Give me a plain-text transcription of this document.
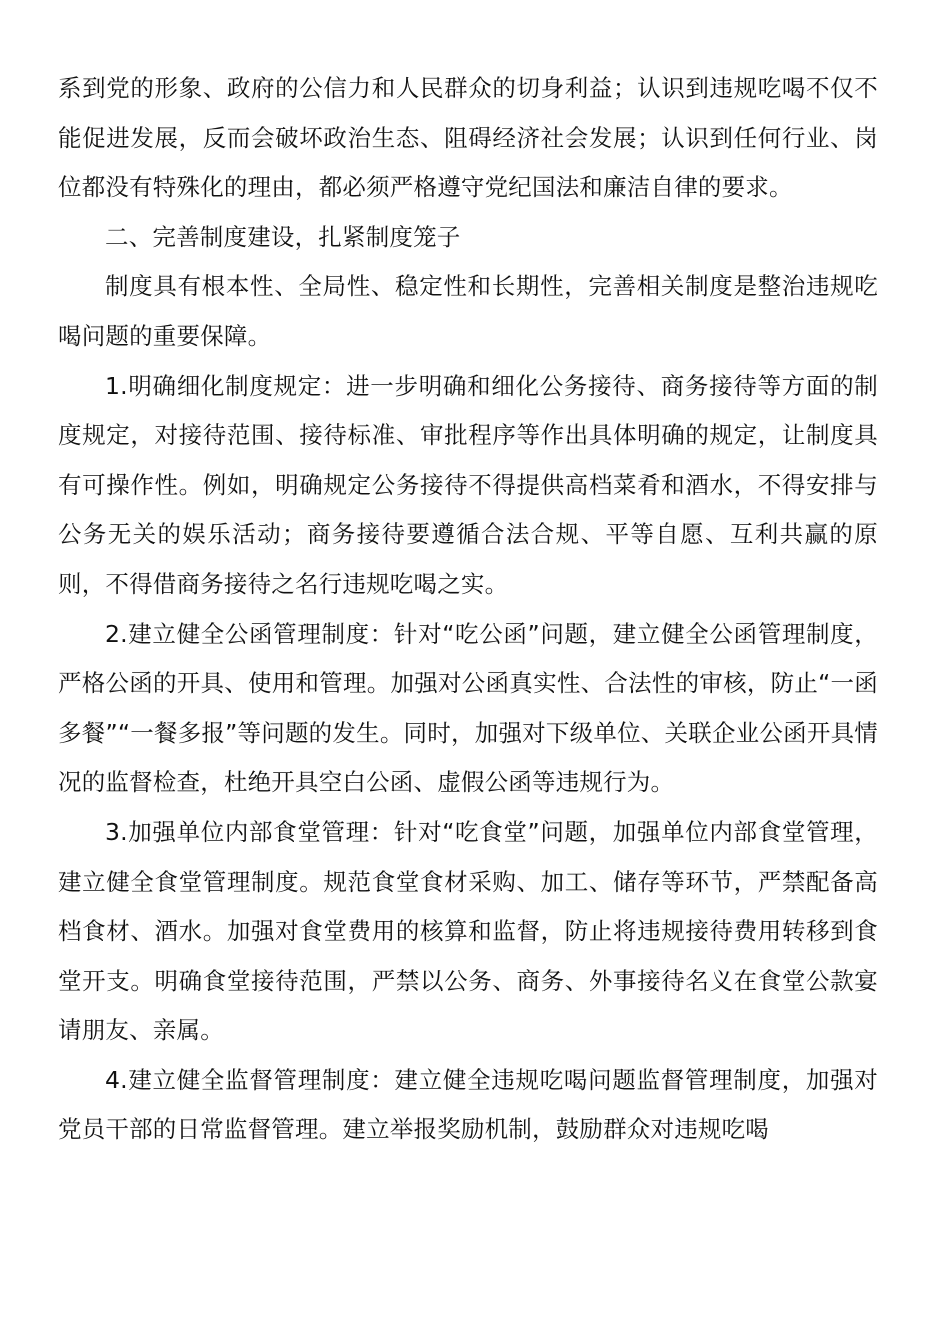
系到党的形象、政府的公信力和人民群众的切身利益；认识到违规吃喝不仅不能促进发展，反而会破坏政治生态、阻碍经济社会发展；认识到任何行业、岗位都没有特殊化的理由，都必须严格遵守党纪国法和廉洁自律的要求。

二、完善制度建设，扎紧制度笼子

制度具有根本性、全局性、稳定性和长期性，完善相关制度是整治违规吃喝问题的重要保障。

1.明确细化制度规定：进一步明确和细化公务接待、商务接待等方面的制度规定，对接待范围、接待标准、审批程序等作出具体明确的规定，让制度具有可操作性。例如，明确规定公务接待不得提供高档菜肴和酒水，不得安排与公务无关的娱乐活动；商务接待要遵循合法合规、平等自愿、互利共赢的原则，不得借商务接待之名行违规吃喝之实。

2.建立健全公函管理制度：针对“吃公函”问题，建立健全公函管理制度，严格公函的开具、使用和管理。加强对公函真实性、合法性的审核，防止“一函多餐”“一餐多报”等问题的发生。同时，加强对下级单位、关联企业公函开具情况的监督检查，杜绝开具空白公函、虚假公函等违规行为。

3.加强单位内部食堂管理：针对“吃食堂”问题，加强单位内部食堂管理，建立健全食堂管理制度。规范食堂食材采购、加工、储存等环节，严禁配备高档食材、酒水。加强对食堂费用的核算和监督，防止将违规接待费用转移到食堂开支。明确食堂接待范围，严禁以公务、商务、外事接待名义在食堂公款宴请朋友、亲属。

4.建立健全监督管理制度：建立健全违规吃喝问题监督管理制度，加强对党员干部的日常监督管理。建立举报奖励机制，鼓励群众对违规吃喝
